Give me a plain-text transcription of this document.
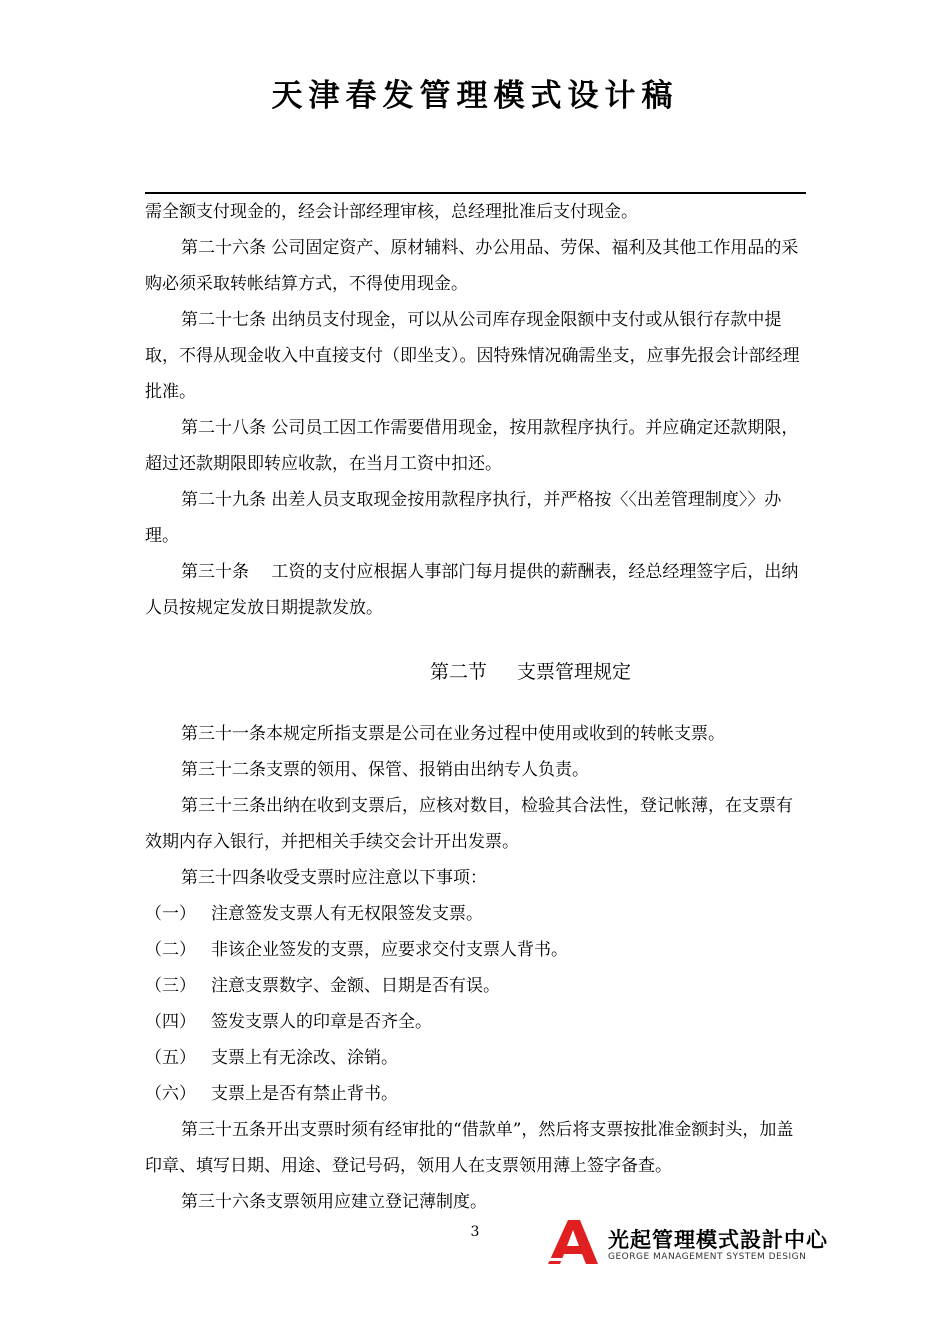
天津春发管理模式设计稿

需全额支付现金的，经会计部经理审核，总经理批准后支付现金。

第二十六条 公司固定资产、原材辅料、办公用品、劳保、福利及其他工作用品的采购必须采取转帐结算方式，不得使用现金。

第二十七条 出纳员支付现金，可以从公司库存现金限额中支付或从银行存款中提取，不得从现金收入中直接支付（即坐支）。因特殊情况确需坐支，应事先报会计部经理批准。

第二十八条 公司员工因工作需要借用现金，按用款程序执行。并应确定还款期限，超过还款期限即转应收款，在当月工资中扣还。

第二十九条 出差人员支取现金按用款程序执行，并严格按〈〈出差管理制度〉〉办理。

第三十条　 工资的支付应根据人事部门每月提供的薪酬表，经总经理签字后，出纳人员按规定发放日期提款发放。

第二节 支票管理规定

第三十一条本规定所指支票是公司在业务过程中使用或收到的转帐支票。

第三十二条支票的领用、保管、报销由出纳专人负责。

第三十三条出纳在收到支票后，应核对数目，检验其合法性，登记帐薄，在支票有效期内存入银行，并把相关手续交会计开出发票。

第三十四条收受支票时应注意以下事项：

（一） 注意签发支票人有无权限签发支票。

（二） 非该企业签发的支票，应要求交付支票人背书。

（三） 注意支票数字、金额、日期是否有误。

（四） 签发支票人的印章是否齐全。

（五） 支票上有无涂改、涂销。

（六） 支票上是否有禁止背书。

第三十五条开出支票时须有经审批的“借款单”，然后将支票按批准金额封头，加盖印章、填写日期、用途、登记号码，领用人在支票领用薄上签字备查。

第三十六条支票领用应建立登记薄制度。

3	光起管理模式設計中心
GEORGE MANAGEMENT SYSTEM DESIGN
